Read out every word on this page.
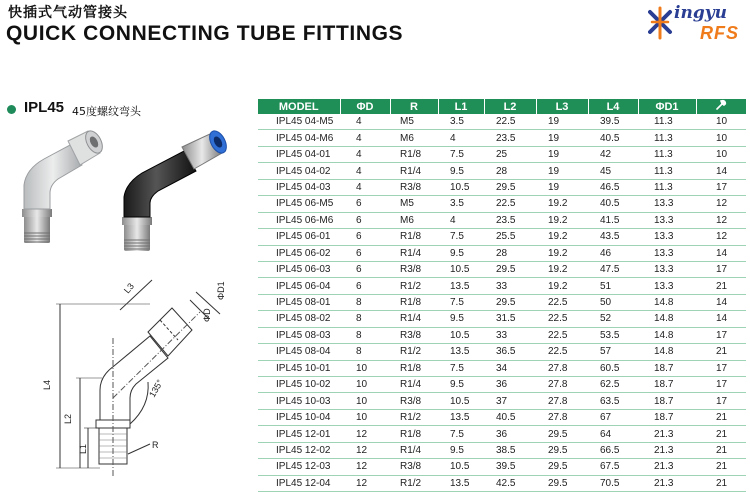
快插式气动管接头
QUICK CONNECTING TUBE FITTINGS
ingyu
RFS
IPL45 45度螺纹弯头
ΦD1
ΦD
L3
L4
L2
L1	R
135°
MODEL	ΦD	R	L1	L2	L3	L4	ΦD1	
IPL45 04-M5	4	M5	3.5	22.5	19	39.5	11.3	10
IPL45 04-M6	4	M6	4	23.5	19	40.5	11.3	10
IPL45 04-01	4	R1/8	7.5	25	19	42	11.3	10
IPL45 04-02	4	R1/4	9.5	28	19	45	11.3	14
IPL45 04-03	4	R3/8	10.5	29.5	19	46.5	11.3	17
IPL45 06-M5	6	M5	3.5	22.5	19.2	40.5	13.3	12
IPL45 06-M6	6	M6	4	23.5	19.2	41.5	13.3	12
IPL45 06-01	6	R1/8	7.5	25.5	19.2	43.5	13.3	12
IPL45 06-02	6	R1/4	9.5	28	19.2	46	13.3	14
IPL45 06-03	6	R3/8	10.5	29.5	19.2	47.5	13.3	17
IPL45 06-04	6	R1/2	13.5	33	19.2	51	13.3	21
IPL45 08-01	8	R1/8	7.5	29.5	22.5	50	14.8	14
IPL45 08-02	8	R1/4	9.5	31.5	22.5	52	14.8	14
IPL45 08-03	8	R3/8	10.5	33	22.5	53.5	14.8	17
IPL45 08-04	8	R1/2	13.5	36.5	22.5	57	14.8	21
IPL45 10-01	10	R1/8	7.5	34	27.8	60.5	18.7	17
IPL45 10-02	10	R1/4	9.5	36	27.8	62.5	18.7	17
IPL45 10-03	10	R3/8	10.5	37	27.8	63.5	18.7	17
IPL45 10-04	10	R1/2	13.5	40.5	27.8	67	18.7	21
IPL45 12-01	12	R1/8	7.5	36	29.5	64	21.3	21
IPL45 12-02	12	R1/4	9.5	38.5	29.5	66.5	21.3	21
IPL45 12-03	12	R3/8	10.5	39.5	29.5	67.5	21.3	21
IPL45 12-04	12	R1/2	13.5	42.5	29.5	70.5	21.3	21
